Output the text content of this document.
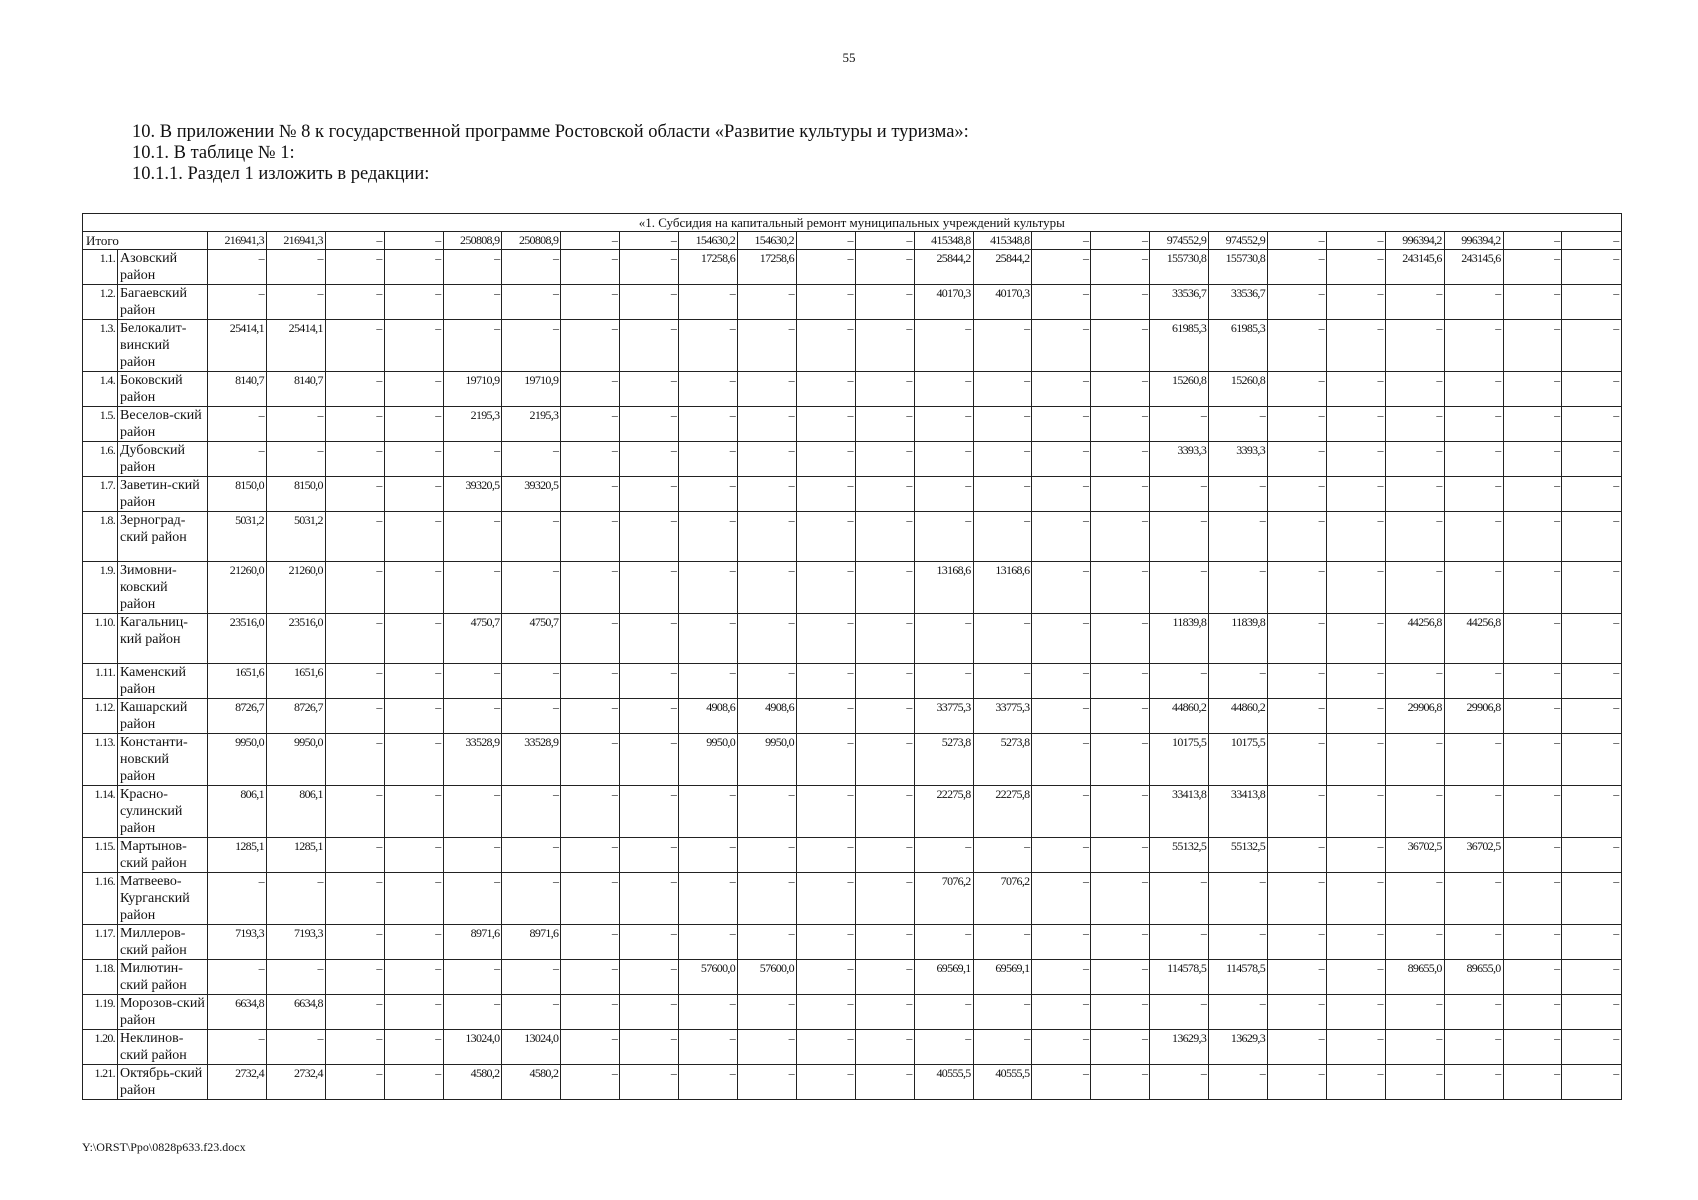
55
10. В приложении № 8 к государственной программе Ростовской области «Развитие культуры и туризма»:
10.1. В таблице № 1:
10.1.1. Раздел 1 изложить в редакции:
«1. Субсидия на капитальный ремонт муниципальных учреждений культуры																									
Итого		216941,3	216941,3	–	–	250808,9	250808,9	–	–	154630,2	154630,2	–	–	415348,8	415348,8	–	–	974552,9	974552,9	–	–	996394,2	996394,2	–	–
1.1.	Азовский район	–	–	–	–	–	–	–	–	17258,6	17258,6	–	–	25844,2	25844,2	–	–	155730,8	155730,8	–	–	243145,6	243145,6	–	–
1.2.	Багаевский район	–	–	–	–	–	–	–	–	–	–	–	–	40170,3	40170,3	–	–	33536,7	33536,7	–	–	–	–	–	–
1.3.	Белокалит-винский район	25414,1	25414,1	–	–	–	–	–	–	–	–	–	–	–	–	–	–	61985,3	61985,3	–	–	–	–	–	–
1.4.	Боковский район	8140,7	8140,7	–	–	19710,9	19710,9	–	–	–	–	–	–	–	–	–	–	15260,8	15260,8	–	–	–	–	–	–
1.5.	Веселов-ский район	–	–	–	–	2195,3	2195,3	–	–	–	–	–	–	–	–	–	–	–	–	–	–	–	–	–	–
1.6.	Дубовский район	–	–	–	–	–	–	–	–	–	–	–	–	–	–	–	–	3393,3	3393,3	–	–	–	–	–	–
1.7.	Заветин-ский район	8150,0	8150,0	–	–	39320,5	39320,5	–	–	–	–	–	–	–	–	–	–	–	–	–	–	–	–	–	–
1.8.	Зерноград-ский район	5031,2	5031,2	–	–	–	–	–	–	–	–	–	–	–	–	–	–	–	–	–	–	–	–	–	–
1.9.	Зимовни-ковский район	21260,0	21260,0	–	–	–	–	–	–	–	–	–	–	13168,6	13168,6	–	–	–	–	–	–	–	–	–	–
1.10.	Кагальниц-кий район	23516,0	23516,0	–	–	4750,7	4750,7	–	–	–	–	–	–	–	–	–	–	11839,8	11839,8	–	–	44256,8	44256,8	–	–
1.11.	Каменский район	1651,6	1651,6	–	–	–	–	–	–	–	–	–	–	–	–	–	–	–	–	–	–	–	–	–	–
1.12.	Кашарский район	8726,7	8726,7	–	–	–	–	–	–	4908,6	4908,6	–	–	33775,3	33775,3	–	–	44860,2	44860,2	–	–	29906,8	29906,8	–	–
1.13.	Константи-новский район	9950,0	9950,0	–	–	33528,9	33528,9	–	–	9950,0	9950,0	–	–	5273,8	5273,8	–	–	10175,5	10175,5	–	–	–	–	–	–
1.14.	Красно-сулинский район	806,1	806,1	–	–	–	–	–	–	–	–	–	–	22275,8	22275,8	–	–	33413,8	33413,8	–	–	–	–	–	–
1.15.	Мартынов-ский район	1285,1	1285,1	–	–	–	–	–	–	–	–	–	–	–	–	–	–	55132,5	55132,5	–	–	36702,5	36702,5	–	–
1.16.	Матвеево-Курганский район	–	–	–	–	–	–	–	–	–	–	–	–	7076,2	7076,2	–	–	–	–	–	–	–	–	–	–
1.17.	Миллеров-ский район	7193,3	7193,3	–	–	8971,6	8971,6	–	–	–	–	–	–	–	–	–	–	–	–	–	–	–	–	–	–
1.18.	Милютин-ский район	–	–	–	–	–	–	–	–	57600,0	57600,0	–	–	69569,1	69569,1	–	–	114578,5	114578,5	–	–	89655,0	89655,0	–	–
1.19.	Морозов-ский район	6634,8	6634,8	–	–	–	–	–	–	–	–	–	–	–	–	–	–	–	–	–	–	–	–	–	–
1.20.	Неклинов-ский район	–	–	–	–	13024,0	13024,0	–	–	–	–	–	–	–	–	–	–	13629,3	13629,3	–	–	–	–	–	–
1.21.	Октябрь-ский район	2732,4	2732,4	–	–	4580,2	4580,2	–	–	–	–	–	–	40555,5	40555,5	–	–	–	–	–	–	–	–	–	–
Y:\ORST\Ppo\0828p633.f23.docx
